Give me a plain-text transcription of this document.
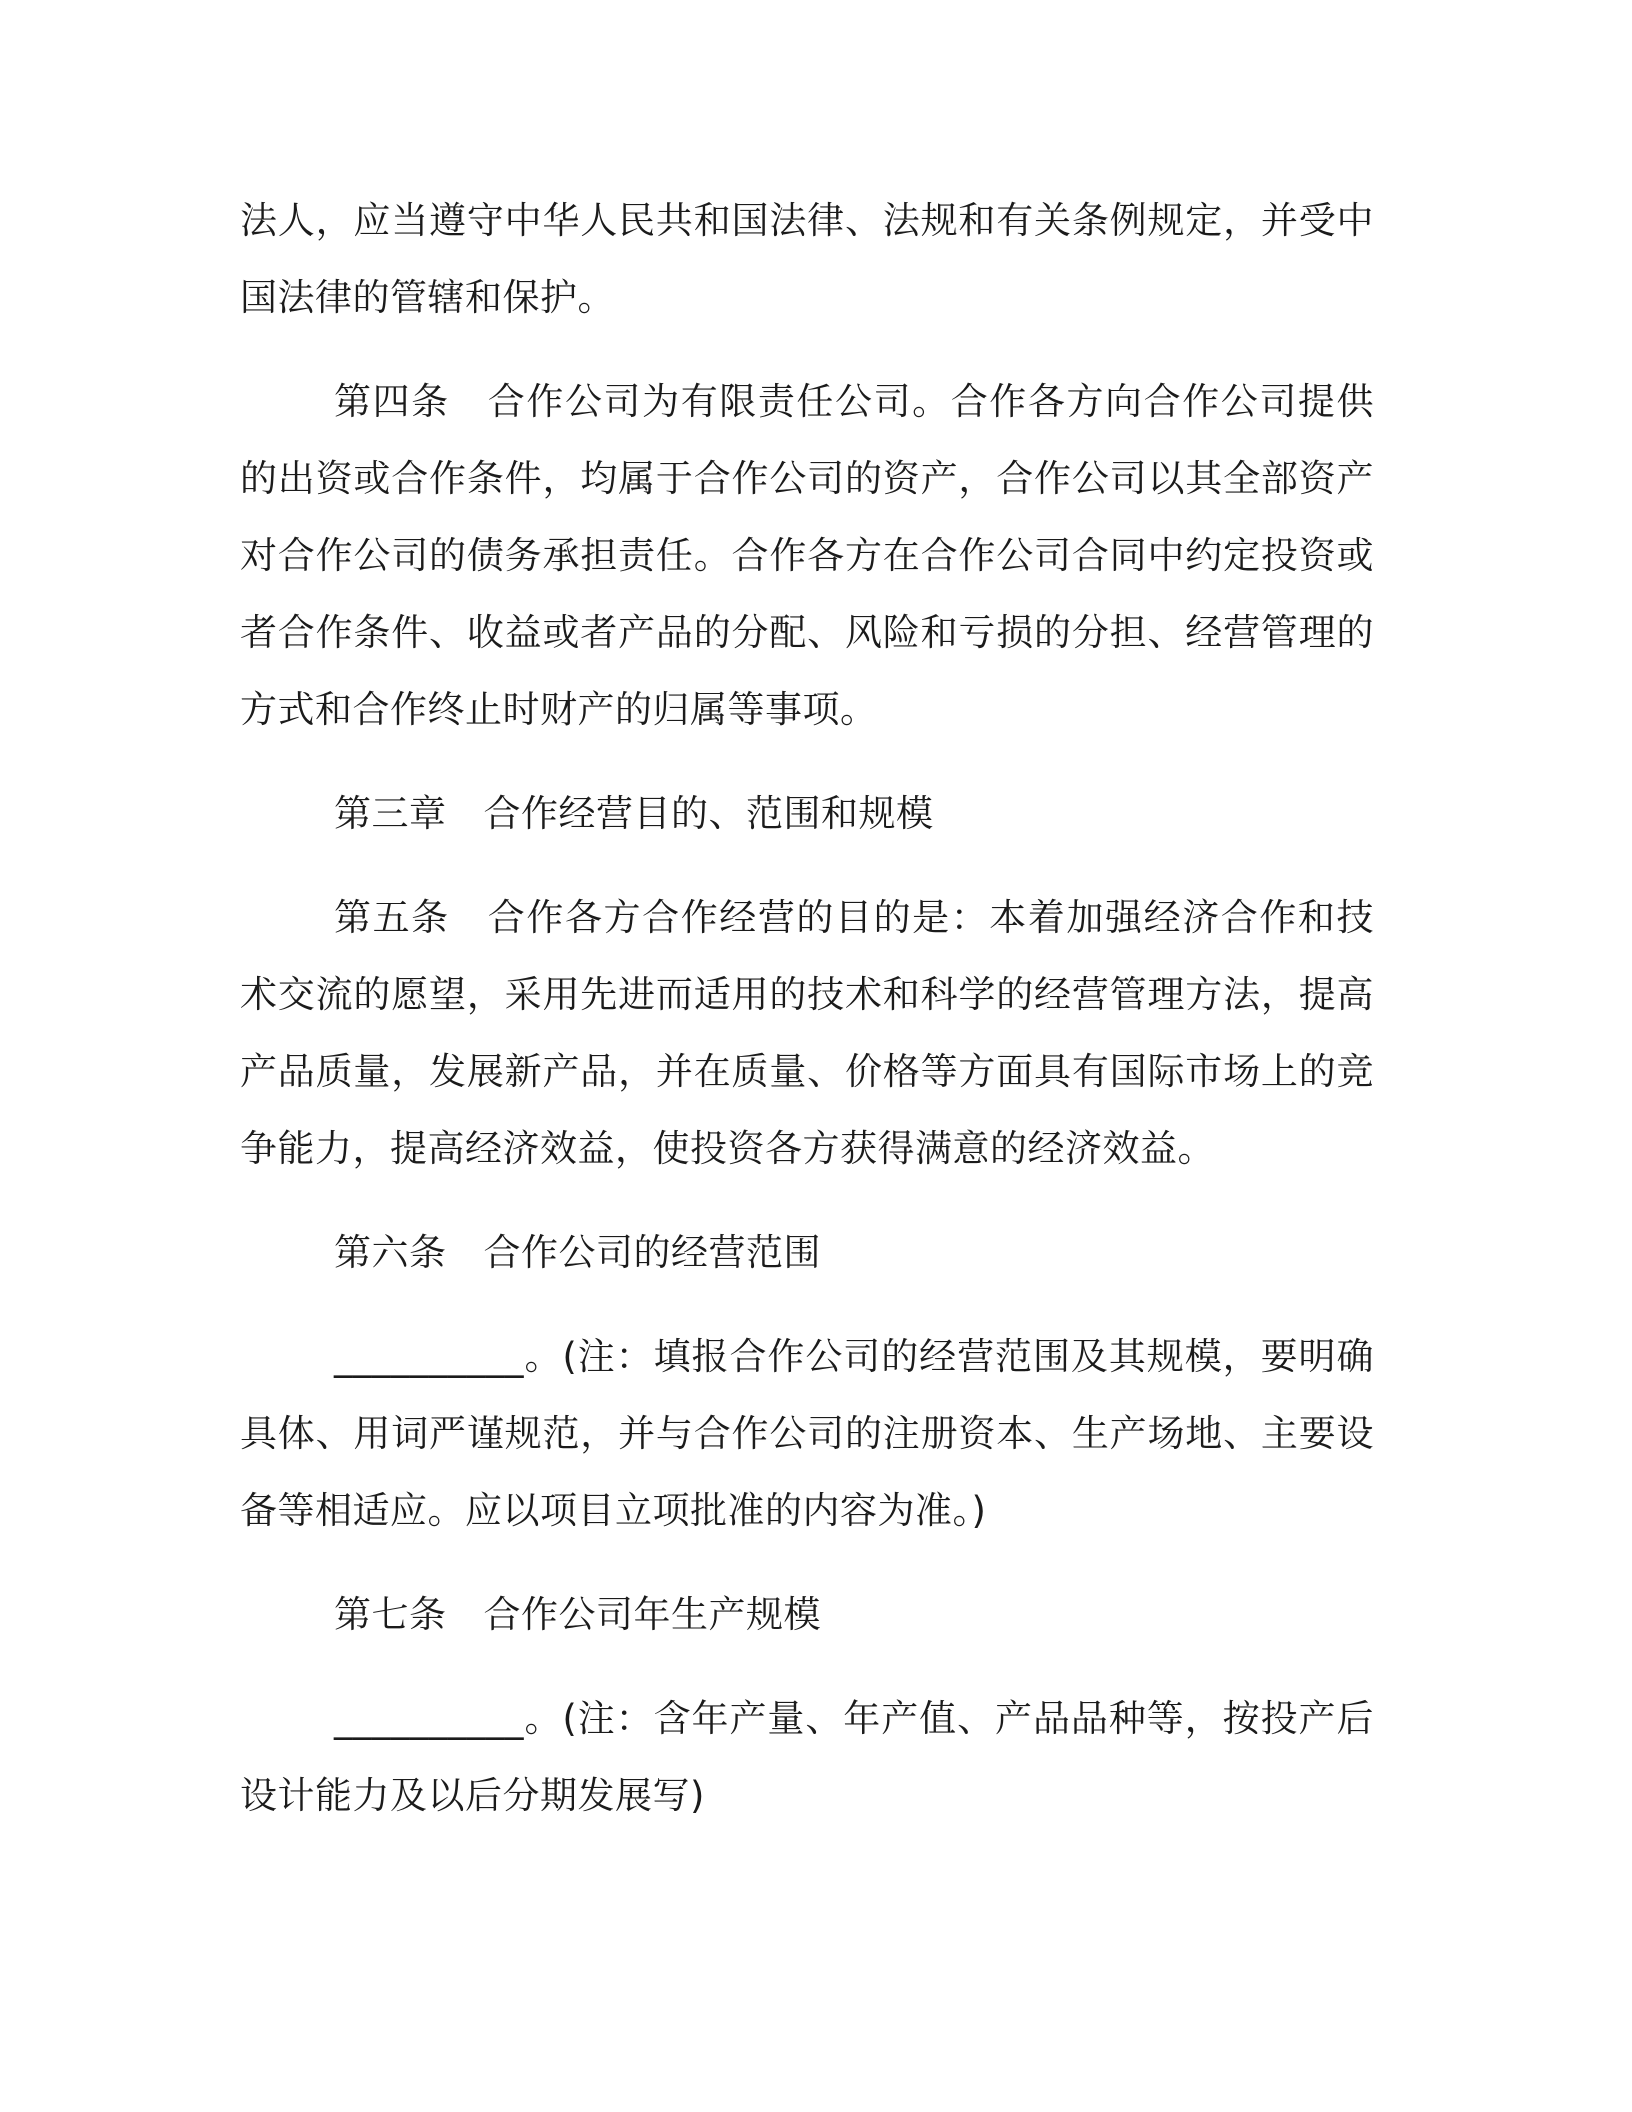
法人，应当遵守中华人民共和国法律、法规和有关条例规定，并受中国法律的管辖和保护。

第四条 合作公司为有限责任公司。合作各方向合作公司提供的出资或合作条件，均属于合作公司的资产，合作公司以其全部资产对合作公司的债务承担责任。合作各方在合作公司合同中约定投资或者合作条件、收益或者产品的分配、风险和亏损的分担、经营管理的方式和合作终止时财产的归属等事项。

第三章 合作经营目的、范围和规模

第五条 合作各方合作经营的目的是：本着加强经济合作和技术交流的愿望，采用先进而适用的技术和科学的经营管理方法，提高产品质量，发展新产品，并在质量、价格等方面具有国际市场上的竞争能力，提高经济效益，使投资各方获得满意的经济效益。

第六条 合作公司的经营范围

__________。(注：填报合作公司的经营范围及其规模，要明确具体、用词严谨规范，并与合作公司的注册资本、生产场地、主要设备等相适应。应以项目立项批准的内容为准。)

第七条 合作公司年生产规模

__________。(注：含年产量、年产值、产品品种等，按投产后设计能力及以后分期发展写)
